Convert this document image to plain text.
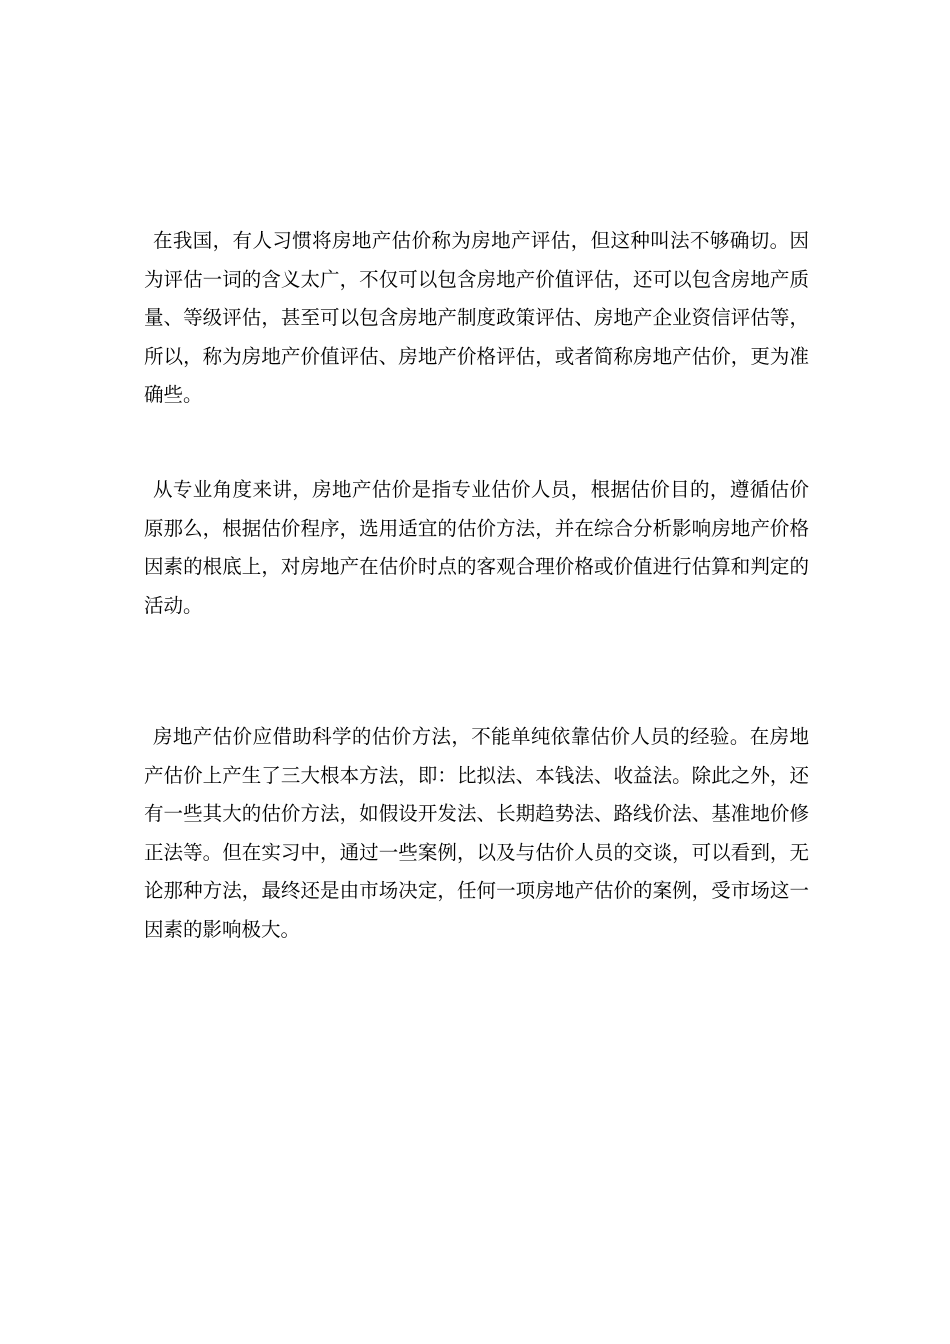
在我国，有人习惯将房地产估价称为房地产评估，但这种叫法不够确切。因为评估一词的含义太广，不仅可以包含房地产价值评估，还可以包含房地产质量、等级评估，甚至可以包含房地产制度政策评估、房地产企业资信评估等，所以，称为房地产价值评估、房地产价格评估，或者简称房地产估价，更为准确些。

从专业角度来讲，房地产估价是指专业估价人员，根据估价目的，遵循估价原那么，根据估价程序，选用适宜的估价方法，并在综合分析影响房地产价格因素的根底上，对房地产在估价时点的客观合理价格或价值进行估算和判定的活动。

房地产估价应借助科学的估价方法，不能单纯依靠估价人员的经验。在房地产估价上产生了三大根本方法，即：比拟法、本钱法、收益法。除此之外，还有一些其大的估价方法，如假设开发法、长期趋势法、路线价法、基准地价修正法等。但在实习中，通过一些案例，以及与估价人员的交谈，可以看到，无论那种方法，最终还是由市场决定，任何一项房地产估价的案例，受市场这一因素的影响极大。
